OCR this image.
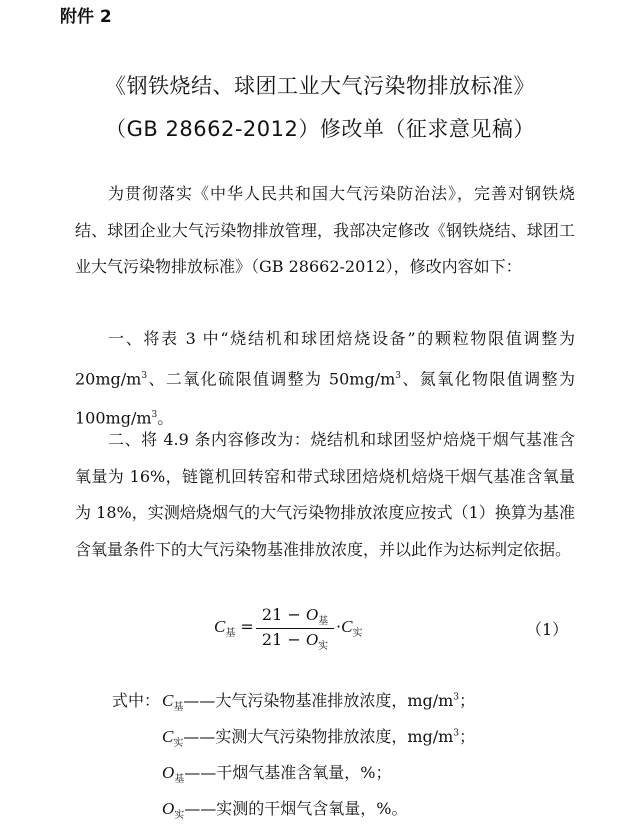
附件 2
《钢铁烧结、球团工业大气污染物排放标准》
（GB 28662-2012）修改单（征求意见稿）

为贯彻落实《中华人民共和国大气污染防治法》，完善对钢铁烧结、球团企业大气污染物排放管理，我部决定修改《钢铁烧结、球团工业大气污染物排放标准》（GB 28662-2012），修改内容如下：

一、将表 3 中“烧结机和球团焙烧设备”的颗粒物限值调整为 $20mg/m^3$、二氧化硫限值调整为 $50mg/m^3$、氮氧化物限值调整为 $100mg/m^3$。

二、将 4.9 条内容修改为：烧结机和球团竖炉焙烧干烟气基准含氧量为 16%，链篦机回转窑和带式球团焙烧机焙烧干烟气基准含氧量为 18%，实测焙烧烟气的大气污染物排放浓度应按式（1）换算为基准含氧量条件下的大气污染物基准排放浓度，并以此作为达标判定依据。

$C_基$ =
$21 - O_基$
$21 - O_实$
$\cdot C_实$	（1）
式中： $C_基——$大气污染物基准排放浓度，$mg/m^3$；
$C_实——$实测大气污染物排放浓度，$mg/m^3$；
$O_基——$干烟气基准含氧量，%；
$O_实——$实测的干烟气含氧量，%。
